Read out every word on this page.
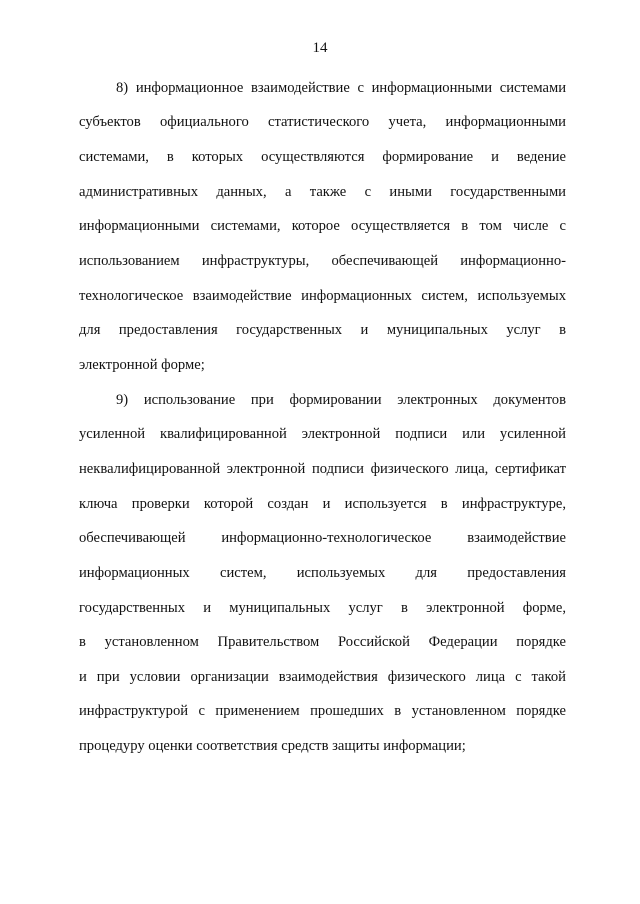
14
8) информационное взаимодействие с информационными системами
субъектов официального статистического учета, информационными
системами, в которых осуществляются формирование и ведение
административных данных, а также с иными государственными
информационными системами, которое осуществляется в том числе с
использованием инфраструктуры, обеспечивающей информационно-
технологическое взаимодействие информационных систем, используемых
для предоставления государственных и муниципальных услуг в
электронной форме;
9) использование при формировании электронных документов
усиленной квалифицированной электронной подписи или усиленной
неквалифицированной электронной подписи физического лица, сертификат
ключа проверки которой создан и используется в инфраструктуре,
обеспечивающей информационно-технологическое взаимодействие
информационных систем, используемых для предоставления
государственных и муниципальных услуг в электронной форме,
в установленном Правительством Российской Федерации порядке
и при условии организации взаимодействия физического лица с такой
инфраструктурой с применением прошедших в установленном порядке
процедуру оценки соответствия средств защиты информации;
